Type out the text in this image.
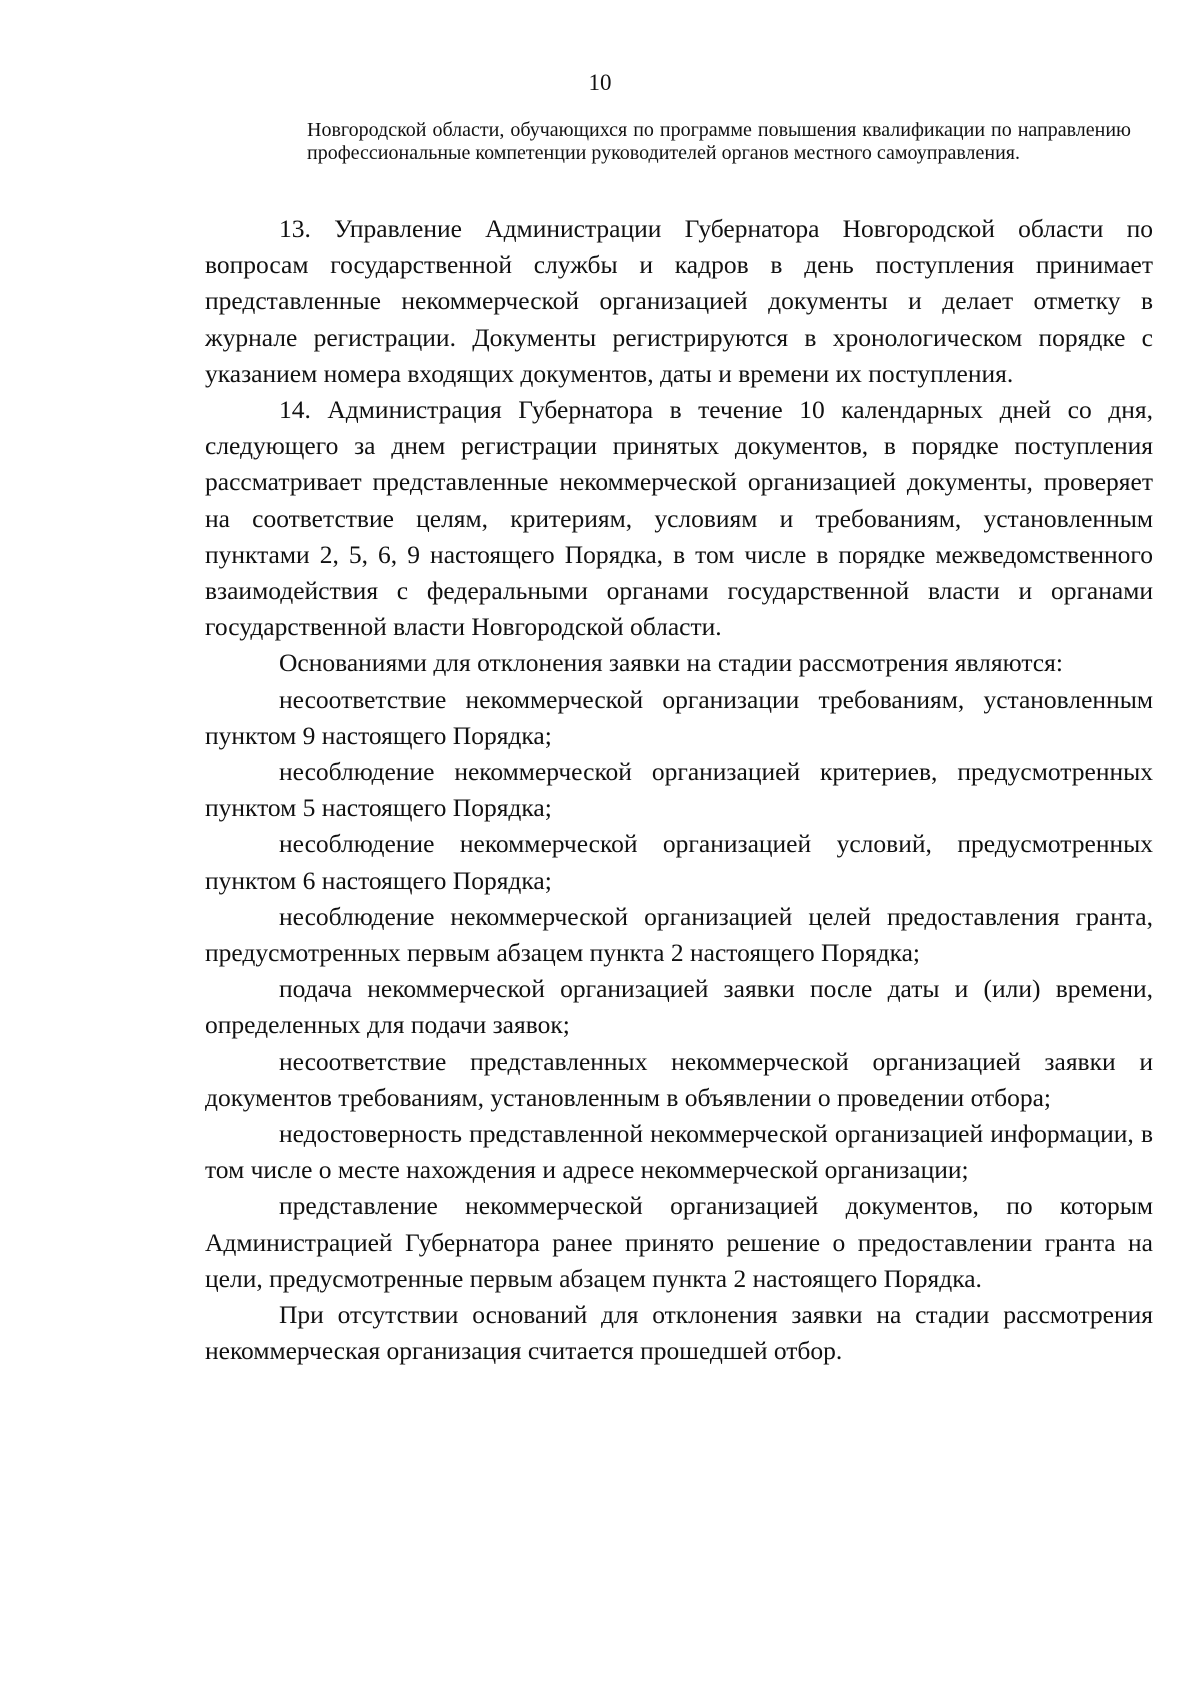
10
Новгородской области, обучающихся по программе повышения квалификации по направлению профессиональные компетенции руководителей органов местного самоуправления.

13. Управление Администрации Губернатора Новгородской области по вопросам государственной службы и кадров в день поступления принимает представленные некоммерческой организацией документы и делает отметку в журнале регистрации. Документы регистрируются в хронологическом порядке с указанием номера входящих документов, даты и времени их поступления.

14. Администрация Губернатора в течение 10 календарных дней со дня, следующего за днем регистрации принятых документов, в порядке поступления рассматривает представленные некоммерческой организацией документы, проверяет на соответствие целям, критериям, условиям и требованиям, установленным пунктами 2, 5, 6, 9 настоящего Порядка, в том числе в порядке межведомственного взаимодействия с федеральными органами государственной власти и органами государственной власти Новгородской области.

Основаниями для отклонения заявки на стадии рассмотрения являются:

несоответствие некоммерческой организации требованиям, установленным пунктом 9 настоящего Порядка;

несоблюдение некоммерческой организацией критериев, предусмотренных пунктом 5 настоящего Порядка;

несоблюдение некоммерческой организацией условий, предусмотренных пунктом 6 настоящего Порядка;

несоблюдение некоммерческой организацией целей предоставления гранта, предусмотренных первым абзацем пункта 2 настоящего Порядка;

подача некоммерческой организацией заявки после даты и (или) времени, определенных для подачи заявок;

несоответствие представленных некоммерческой организацией заявки и документов требованиям, установленным в объявлении о проведении отбора;

недостоверность представленной некоммерческой организацией информации, в том числе о месте нахождения и адресе некоммерческой организации;

представление некоммерческой организацией документов, по которым Администрацией Губернатора ранее принято решение о предоставлении гранта на цели, предусмотренные первым абзацем пункта 2 настоящего Порядка.

При отсутствии оснований для отклонения заявки на стадии рассмотрения некоммерческая организация считается прошедшей отбор.
